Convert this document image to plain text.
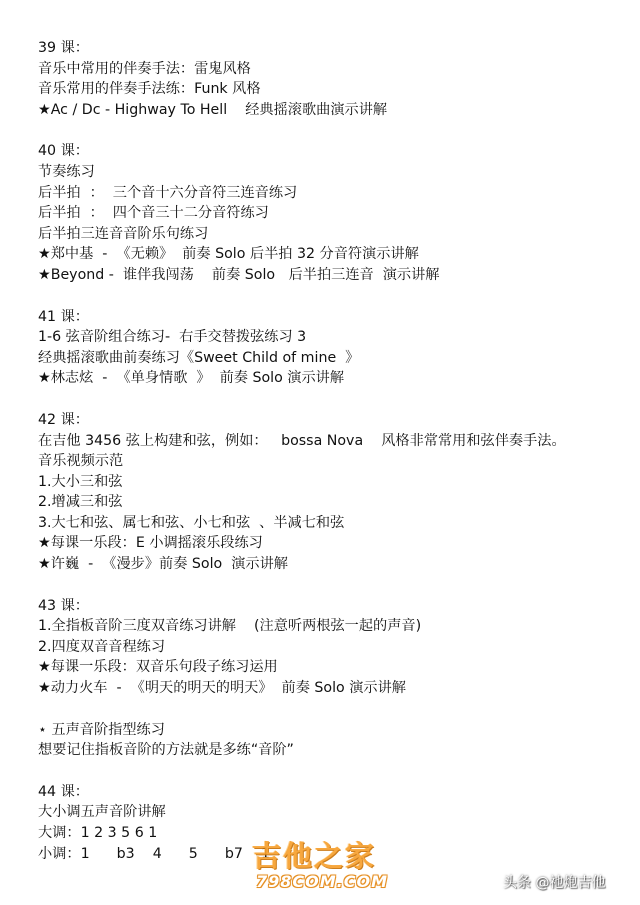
39 课：
音乐中常用的伴奏手法：雷鬼风格
音乐常用的伴奏手法练：Funk 风格
★Ac / Dc - Highway To Hell    经典摇滚歌曲演示讲解
40 课：
节奏练习
后半拍  ：  三个音十六分音符三连音练习
后半拍  ：  四个音三十二分音符练习
后半拍三连音音阶乐句练习
★郑中基  -  《无赖》  前奏 Solo 后半拍 32 分音符演示讲解
★Beyond -  谁伴我闯荡    前奏 Solo   后半拍三连音  演示讲解
41 课：
1-6 弦音阶组合练习-  右手交替拨弦练习 3
经典摇滚歌曲前奏练习《Sweet Child of mine  》
★林志炫  -  《单身情歌  》  前奏 Solo 演示讲解
42 课：
在吉他 3456 弦上构建和弦，例如：   bossa Nova    风格非常常用和弦伴奏手法。
音乐视频示范
1.大小三和弦
2.增减三和弦
3.大七和弦、属七和弦、小七和弦  、半减七和弦
★每课一乐段：E 小调摇滚乐段练习
★许巍  -  《漫步》前奏 Solo  演示讲解
43 课：
1.全指板音阶三度双音练习讲解    (注意听两根弦一起的声音)
2.四度双音音程练习
★每课一乐段：双音乐句段子练习运用
★动力火车  -  《明天的明天的明天》  前奏 Solo 演示讲解
⋆ 五声音阶指型练习
想要记住指板音阶的方法就是多练“音阶”
44 课：
大小调五声音阶讲解
大调：1 2 3 5 6 1
小调：1      b3    4      5      b7    1
吉他之家
798COM.COM	头条 @祂炮吉他
